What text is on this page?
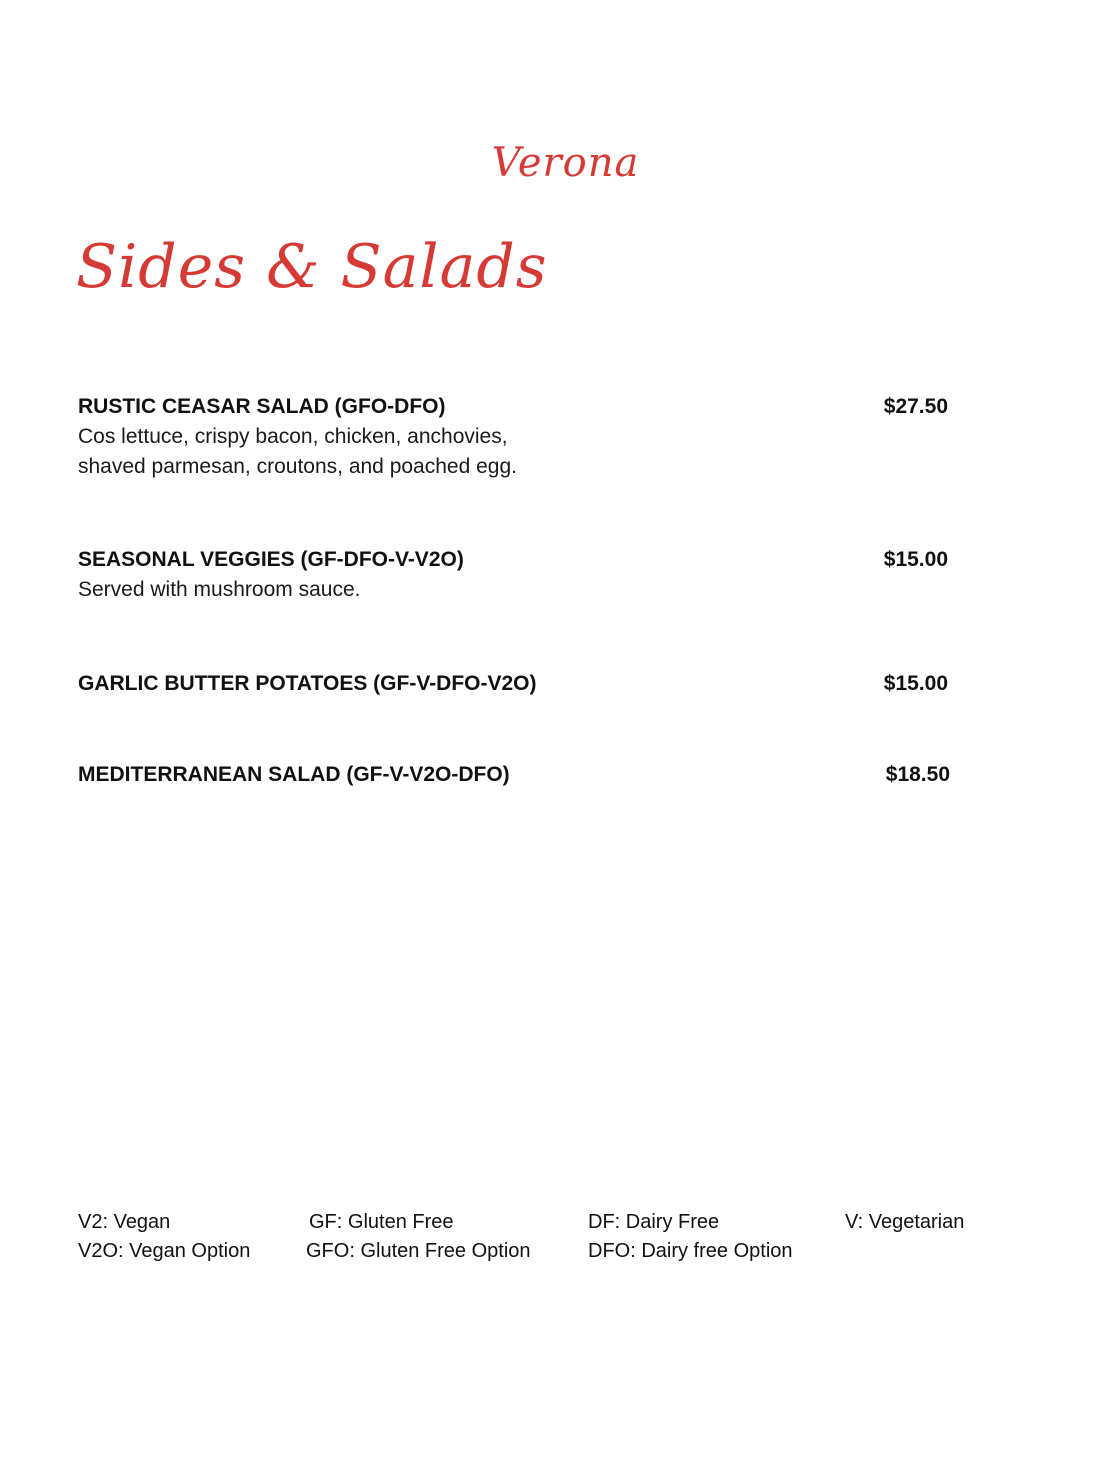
Verona
Sides & Salads
RUSTIC CEASAR SALAD (GFO-DFO)
Cos lettuce, crispy bacon, chicken, anchovies,
shaved parmesan, croutons, and poached egg.
$27.50
SEASONAL VEGGIES (GF-DFO-V-V2O)
Served with mushroom sauce.
$15.00
GARLIC BUTTER POTATOES (GF-V-DFO-V2O)	$15.00
MEDITERRANEAN SALAD (GF-V-V2O-DFO)	$18.50
V2: Vegan
V2O: Vegan Option
GF: Gluten Free
GFO: Gluten Free Option
DF: Dairy Free
DFO: Dairy free Option
V: Vegetarian
